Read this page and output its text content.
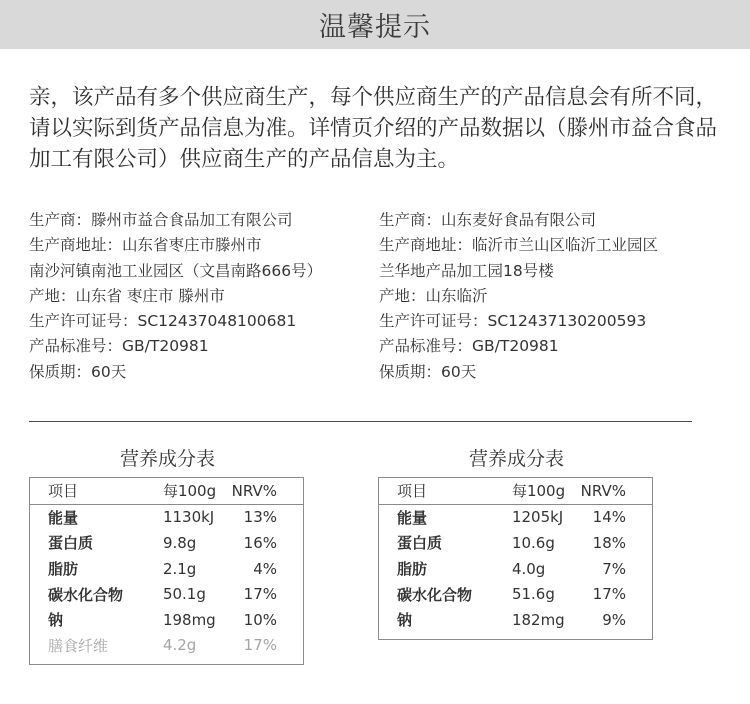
温馨提示

亲，该产品有多个供应商生产，每个供应商生产的产品信息会有所不同，请以实际到货产品信息为准。详情页介绍的产品数据以（滕州市益合食品加工有限公司）供应商生产的产品信息为主。

生产商：滕州市益合食品加工有限公司
生产商地址：山东省枣庄市滕州市
南沙河镇南池工业园区（文昌南路666号）
产地：山东省 枣庄市 滕州市
生产许可证号：SC12437048100681
产品标准号：GB/T20981
保质期：60天
生产商：山东麦好食品有限公司
生产商地址：临沂市兰山区临沂工业园区
兰华地产品加工园18号楼
产地：山东临沂
生产许可证号：SC12437130200593
产品标准号：GB/T20981
保质期：60天
营养成分表	营养成分表
项目	每100g	NRV%
能量	1130kJ	13%
蛋白质	9.8g	16%
脂肪	2.1g	4%
碳水化合物	50.1g	17%
钠	198mg	10%
膳食纤维	4.2g	17%
项目	每100g	NRV%
能量	1205kJ	14%
蛋白质	10.6g	18%
脂肪	4.0g	7%
碳水化合物	51.6g	17%
钠	182mg	9%
